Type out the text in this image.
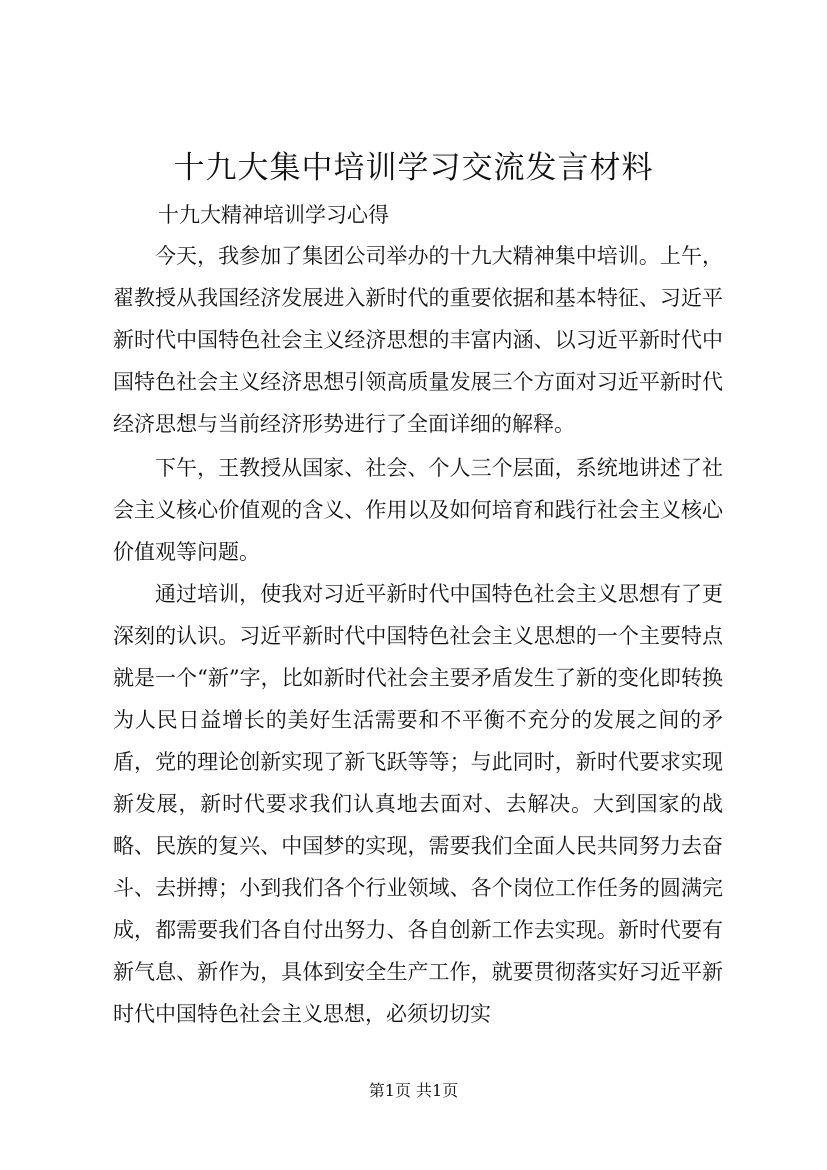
十九大集中培训学习交流发言材料
十九大精神培训学习心得

今天，我参加了集团公司举办的十九大精神集中培训。上午，翟教授从我国经济发展进入新时代的重要依据和基本特征、习近平新时代中国特色社会主义经济思想的丰富内涵、以习近平新时代中国特色社会主义经济思想引领高质量发展三个方面对习近平新时代经济思想与当前经济形势进行了全面详细的解释。

下午，王教授从国家、社会、个人三个层面，系统地讲述了社会主义核心价值观的含义、作用以及如何培育和践行社会主义核心价值观等问题。

通过培训，使我对习近平新时代中国特色社会主义思想有了更深刻的认识。习近平新时代中国特色社会主义思想的一个主要特点就是一个“新”字，比如新时代社会主要矛盾发生了新的变化即转换为人民日益增长的美好生活需要和不平衡不充分的发展之间的矛盾，党的理论创新实现了新飞跃等等；与此同时，新时代要求实现新发展，新时代要求我们认真地去面对、去解决。大到国家的战略、民族的复兴、中国梦的实现，需要我们全面人民共同努力去奋斗、去拼搏；小到我们各个行业领域、各个岗位工作任务的圆满完成，都需要我们各自付出努力、各自创新工作去实现。新时代要有新气息、新作为，具体到安全生产工作，就要贯彻落实好习近平新时代中国特色社会主义思想，必须切切实

第1页 共1页
